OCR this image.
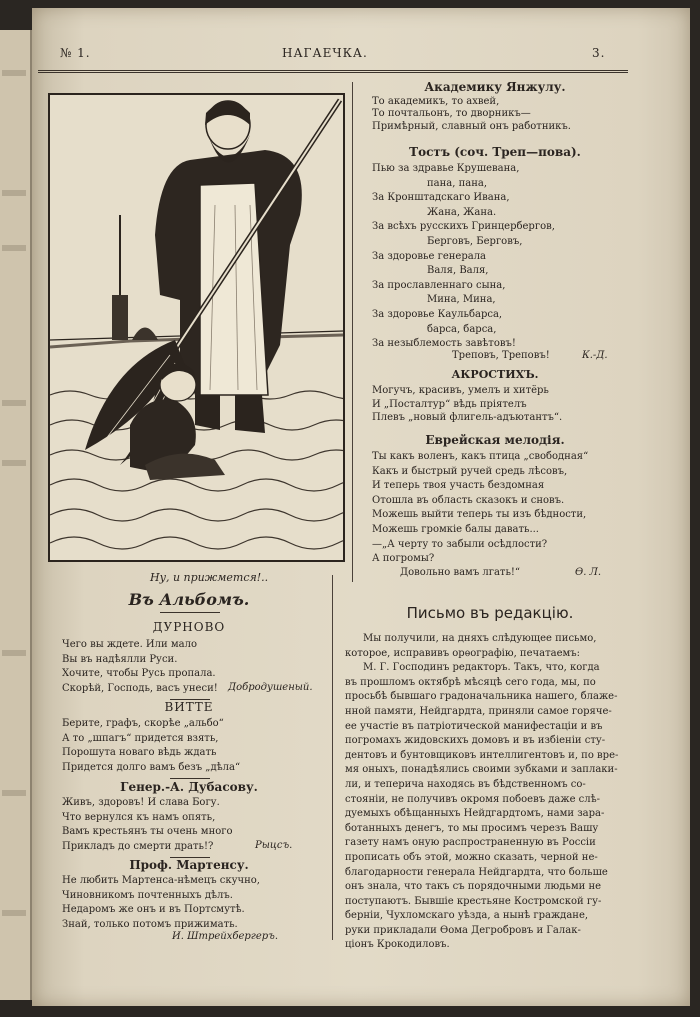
№ 1.	НАГАЕЧКА.	3.
Ну, и прижмется!..
Академику Янжулу.
То академикъ, то ахвей,
То почтальонъ, то дворникъ—
Примѣрный, славный онъ работникъ.
Тостъ (соч. Треп—пова).
Пью за здравье Крушевана,
пана, пана,
За Кронштадскаго Ивана,
Жана, Жана.
За всѣхъ русскихъ Гринцербергов,
Берговъ, Берговъ,
За здоровье генерала
Валя, Валя,
За прославленнаго сына,
Мина, Мина,
За здоровье Каульбарса,
барса, барса,
За незыблемость завѣтовъ!
Треповъ, Треповъ!	К.-Д.
АКРОСТИХЪ.
Могучъ, красивъ, умелъ и хитёрь
И „Посталтур“ вѣдь пріятелъ
Плевъ „новый флигель-адъютантъ“.
Еврейская мелодія.
Ты какъ воленъ, какъ птица „свободная“
Какъ и быстрый ручей средь лѣсовъ,
И теперь твоя участь бездомная
Отошла въ область сказокъ и сновъ.
Можешь выйти теперь ты изъ бѣдности,
Можешь громкіе балы давать...
—„А черту то забыли осѣдлости?
А погромы?
Довольно вамъ лгать!“	Ѳ. Л.
Въ Альбомъ.
ДУРНОВО
Чего вы ждете. Или мало
Вы въ надѣялли Руси.
Хочите, чтобы Русь пропала.
Скорѣй, Господь, васъ унеси! Добродушеный.
ВИТТЕ
Берите, графъ, скорѣе „альбо“
А то „шпагъ“ придется взять,
Порошута новаго вѣдь ждать
Придется долго вамъ безъ „дѣла“
Генер.-А. Дубасову.
Живъ, здоровъ! И слава Богу.
Что вернулся къ намъ опять,
Вамъ крестьянъ ты очень много
Прикладъ до смерти драть!?	Рыцсъ.
Проф. Мартенсу.
Не любить Мартенса-нѣмецъ скучно,
Чиновникомъ почтенныхъ дѣлъ.
Недаромъ же онъ и въ Портсмутѣ.
Знай, только потомъ прижимать.
И. Штрейхбергеръ.
Письмо въ редакцію.
Мы получили, на дняхъ слѣдующее письмо,
которое, исправивъ орѳографію, печатаемъ:
М. Г. Господинъ редакторъ. Такъ, что, когда
въ прошломъ октябрѣ мѣсяцѣ сего года, мы, по
просьбѣ бывшаго градоначальника нашего, блаже-
нной памяти, Нейдгардта, приняли самое горяче-
ее участіе въ патріотической манифестаціи и въ
погромахъ жидовскихъ домовъ и въ избіеніи сту-
дентовъ и бунтовщиковъ интеллигентовъ и, по вре-
мя оныхъ, понадѣялись своими зубками и заплаки-
ли, и теперича находясь въ бѣдственномъ со-
стояніи, не получивъ окромя побоевъ даже слѣ-
дуемыхъ обѣщанныхъ Нейдгардтомъ, нами зара-
ботанныхъ денегъ, то мы просимъ черезъ Вашу
газету намъ оную распространенную въ Россіи
прописать объ этой, можно сказать, черной не-
благодарности генерала Нейдгардта, что больше
онъ знала, что такъ съ порядочными людьми не
поступаютъ. Бывшіе крестьяне Костромской гу-
берніи, Чухломскаго уѣзда, а нынѣ граждане,
руки прикладали Ѳома Дегробровъ и Галак-
ціонъ Крокодиловъ.
